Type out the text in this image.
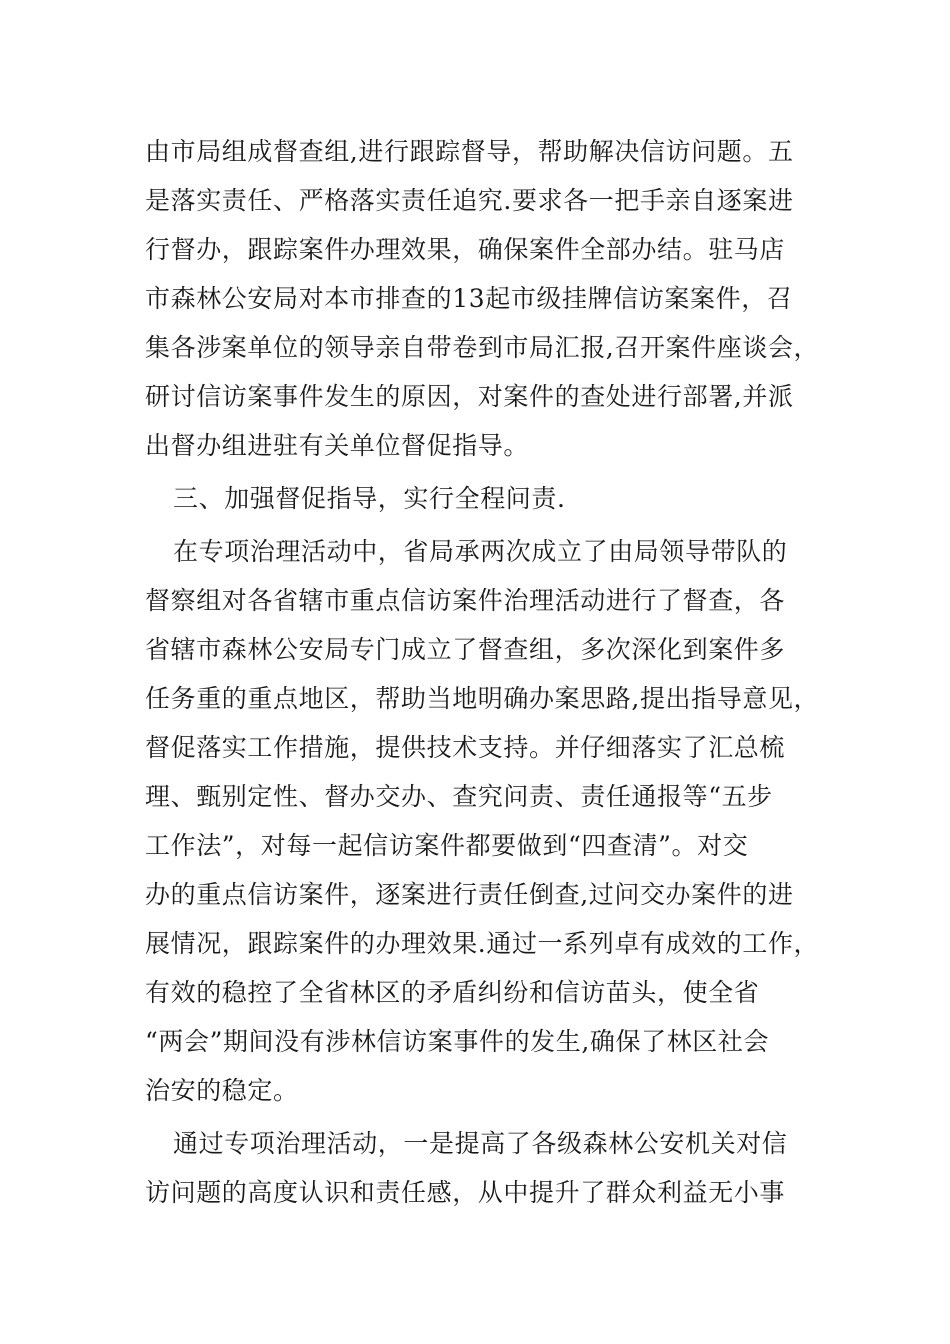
由市局组成督查组,进行跟踪督导，帮助解决信访问题。五
是落实责任、严格落实责任追究.要求各一把手亲自逐案进
行督办，跟踪案件办理效果，确保案件全部办结。驻马店
市森林公安局对本市排查的13起市级挂牌信访案案件，召
集各涉案单位的领导亲自带卷到市局汇报,召开案件座谈会，
研讨信访案事件发生的原因，对案件的查处进行部署,并派
出督办组进驻有关单位督促指导。
三、加强督促指导，实行全程问责.
在专项治理活动中，省局承两次成立了由局领导带队的
督察组对各省辖市重点信访案件治理活动进行了督查，各
省辖市森林公安局专门成立了督查组，多次深化到案件多
任务重的重点地区，帮助当地明确办案思路,提出指导意见，
督促落实工作措施，提供技术支持。并仔细落实了汇总梳
理、甄别定性、督办交办、查究问责、责任通报等“五步
工作法”，对每一起信访案件都要做到“四查清”。对交
办的重点信访案件，逐案进行责任倒查,过问交办案件的进
展情况，跟踪案件的办理效果.通过一系列卓有成效的工作，
有效的稳控了全省林区的矛盾纠纷和信访苗头，使全省
“两会”期间没有涉林信访案事件的发生,确保了林区社会
治安的稳定。
通过专项治理活动，一是提高了各级森林公安机关对信
访问题的高度认识和责任感，从中提升了群众利益无小事
